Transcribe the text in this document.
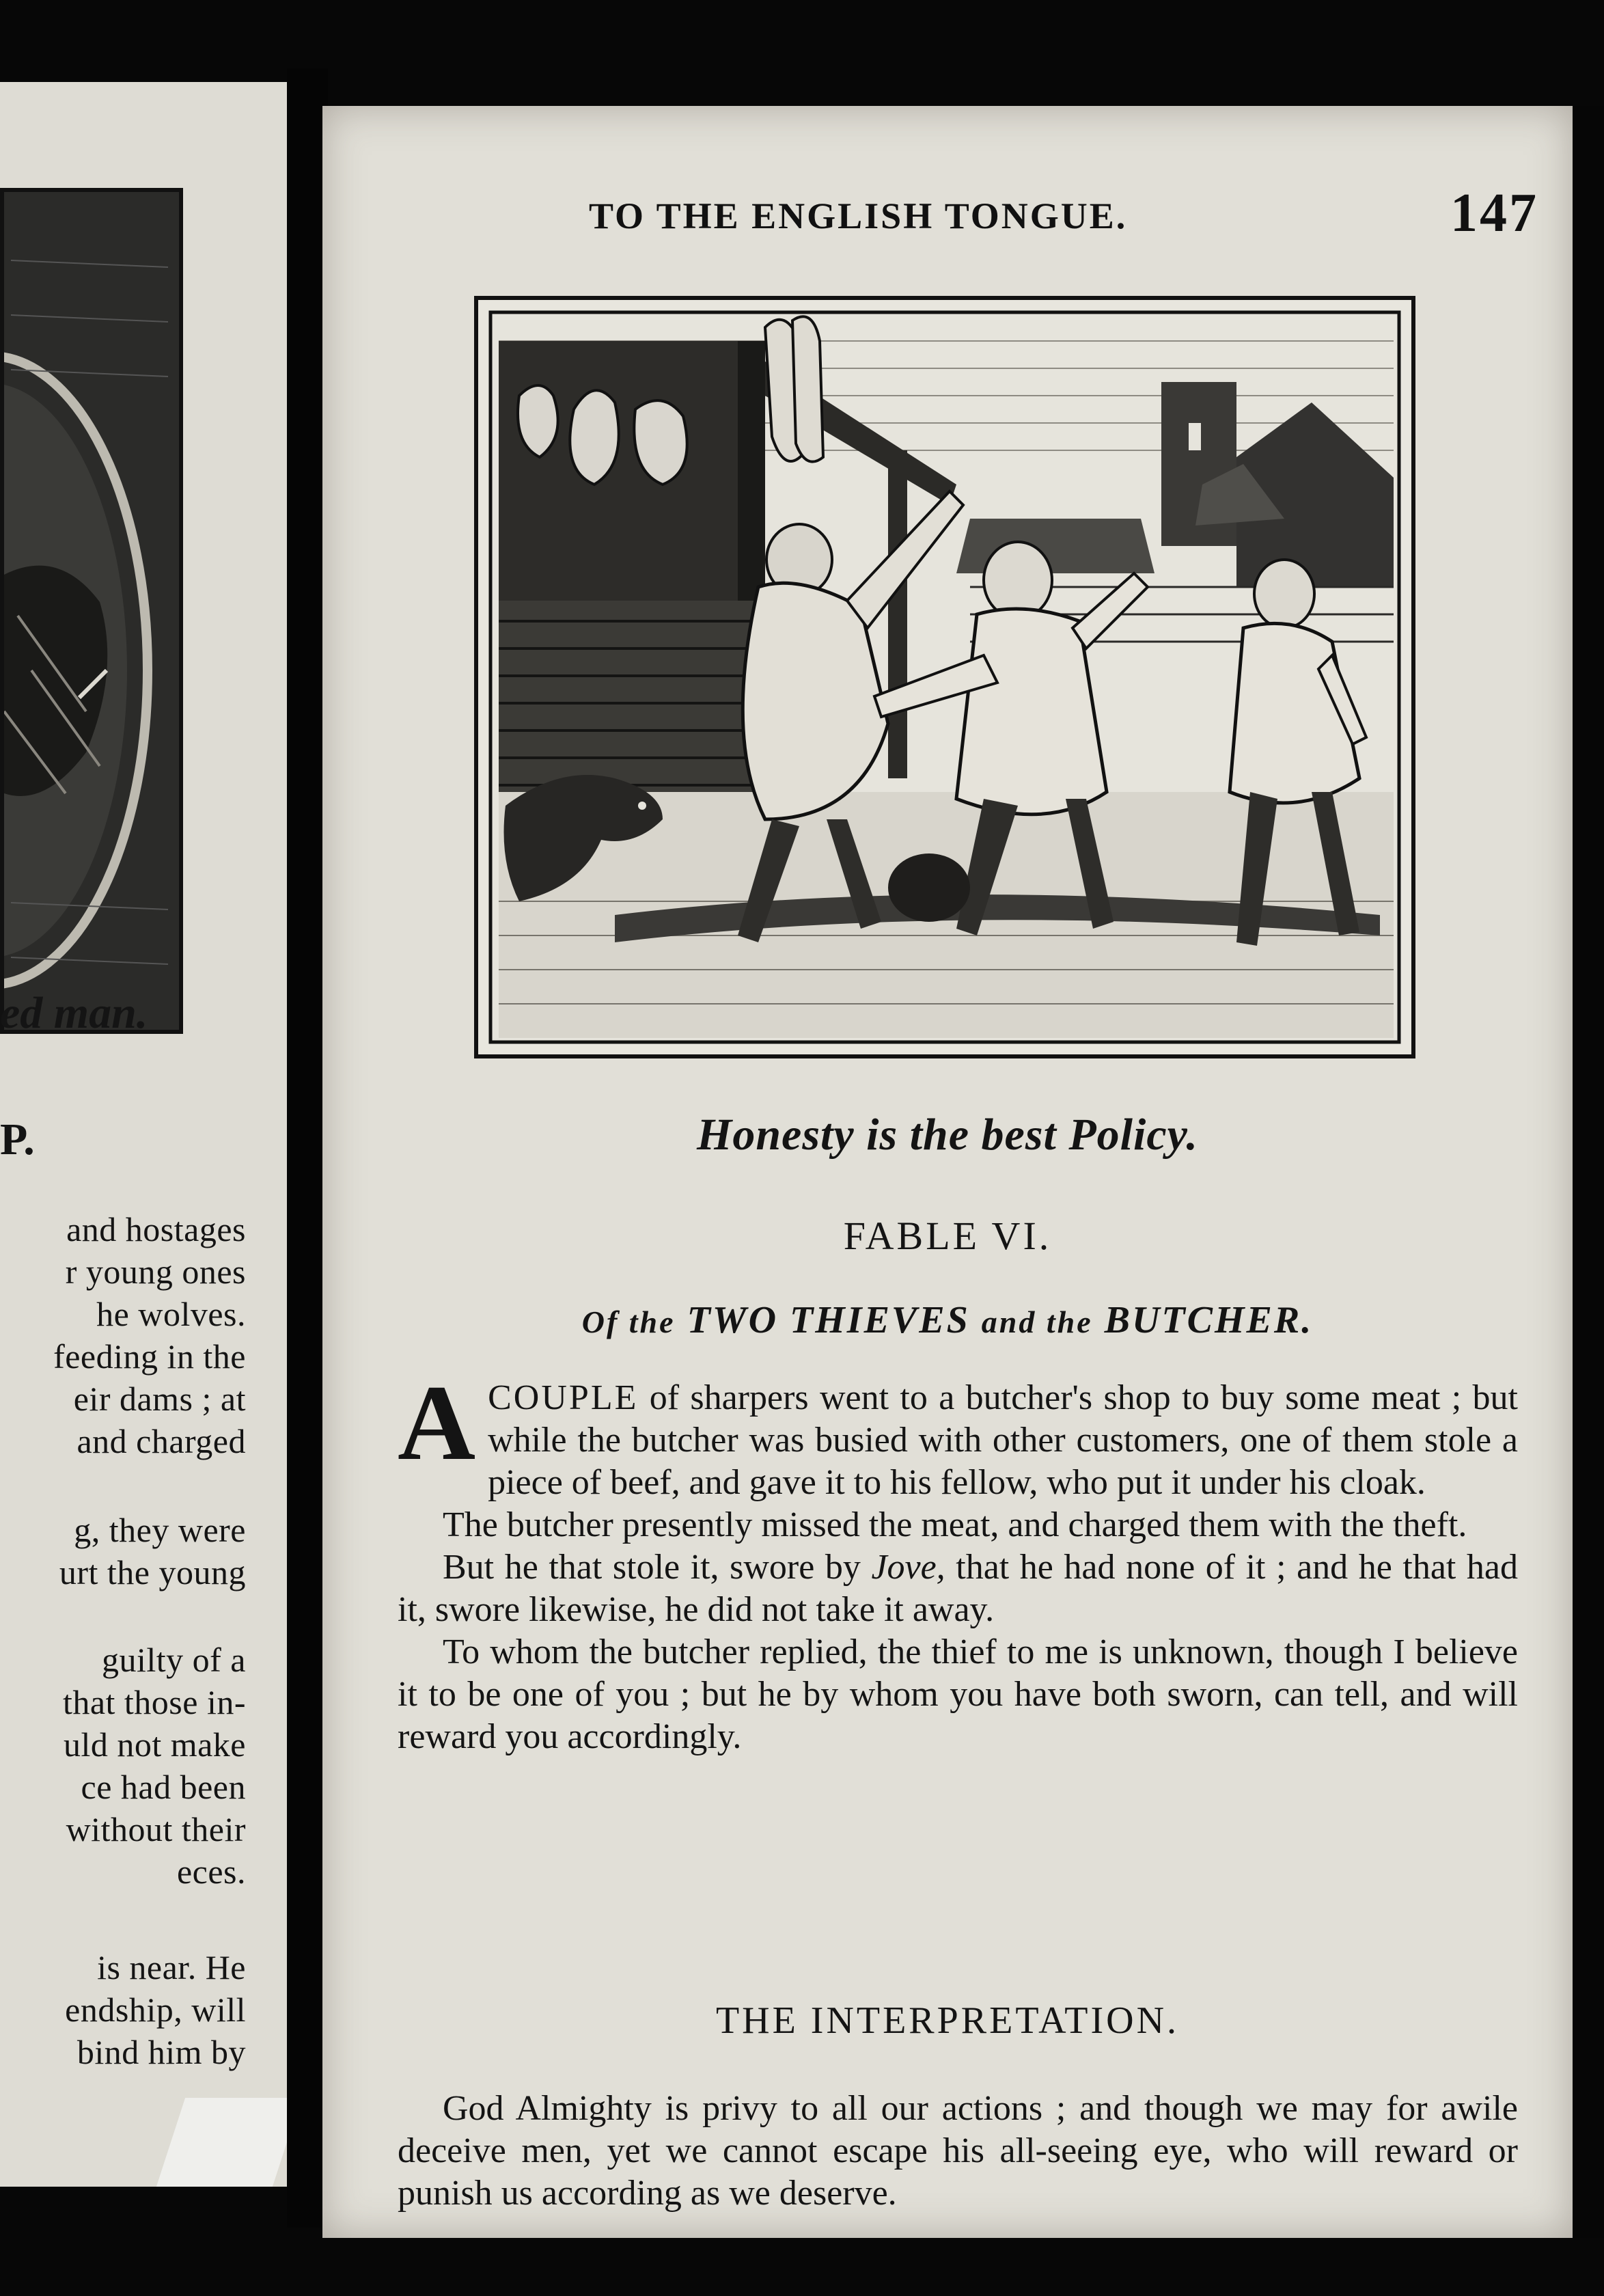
ed man.
P.
and hostages
r young ones
he wolves.
feeding in the
eir dams ; at
and charged
g, they were
urt the young
guilty of a
that those in-
uld not make
ce had been
without their
eces.
is near. He
endship, will
bind him by
TO THE ENGLISH TONGUE.	147
Honesty is the best Policy.
FABLE VI.
Of the TWO THIEVES and the BUTCHER.

ACOUPLE of sharpers went to a butcher's shop to buy some meat ; but while the butcher was busied with other customers, one of them stole a piece of beef, and gave it to his fellow, who put it under his cloak.

The butcher presently missed the meat, and charged them with the theft.

But he that stole it, swore by Jove, that he had none of it ; and he that had it, swore likewise, he did not take it away.

To whom the butcher replied, the thief to me is unknown, though I believe it to be one of you ; but he by whom you have both sworn, can tell, and will reward you accordingly.

THE INTERPRETATION.

God Almighty is privy to all our actions ; and though we may for awile deceive men, yet we cannot escape his all-seeing eye, who will reward or punish us according as we deserve.
